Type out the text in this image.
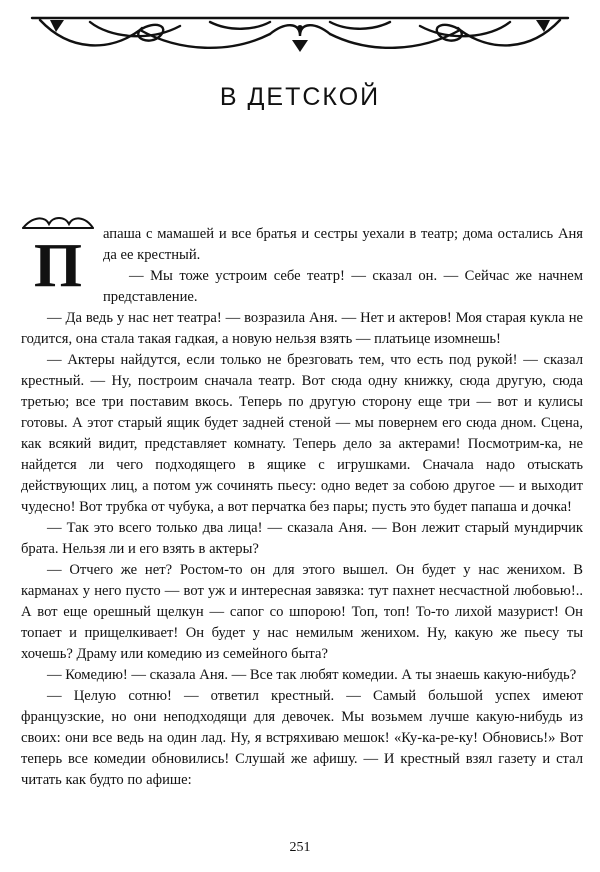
В ДЕТСКОЙ
П	апаша с мамашей и все братья и сестры уехали в театр; дома остались Аня да ее крестный.

— Мы тоже устроим себе театр! — сказал он. — Сейчас же начнем представление.

— Да ведь у нас нет театра! — возразила Аня. — Нет и актеров! Моя старая кукла не годится, она стала такая гадкая, а новую нельзя взять — платьице изомнешь!

— Актеры найдутся, если только не брезговать тем, что есть под рукой! — сказал крестный. — Ну, построим сначала театр. Вот сюда одну книжку, сюда другую, сюда третью; все три поставим вкось. Теперь по другую сторону еще три — вот и кулисы готовы. А этот старый ящик будет задней стеной — мы повернем его сюда дном. Сцена, как всякий видит, представляет комнату. Теперь дело за актерами! Посмотрим-ка, не найдется ли чего подходящего в ящике с игрушками. Сначала надо отыскать действующих лиц, а потом уж сочинять пьесу: одно ведет за собою другое — и выходит чудесно! Вот трубка от чубука, а вот перчатка без пары; пусть это будет папаша и дочка!

— Так это всего только два лица! — сказала Аня. — Вон лежит старый мундирчик брата. Нельзя ли и его взять в актеры?

— Отчего же нет? Ростом-то он для этого вышел. Он будет у нас женихом. В карманах у него пусто — вот уж и интересная завязка: тут пахнет несчастной любовью!.. А вот еще орешный щелкун — сапог со шпорою! Топ, топ! То-то лихой мазурист! Он топает и прищелкивает! Он будет у нас немилым женихом. Ну, какую же пьесу ты хочешь? Драму или комедию из семейного быта?

— Комедию! — сказала Аня. — Все так любят комедии. А ты знаешь какую-нибудь?

— Целую сотню! — ответил крестный. — Самый большой успех имеют французские, но они неподходящи для девочек. Мы возьмем лучше какую-нибудь из своих: они все ведь на один лад. Ну, я встряхиваю мешок! «Ку-ка-ре-ку! Обновись!» Вот теперь все комедии обновились! Слушай же афишу. — И крестный взял газету и стал читать как будто по афише:

251
